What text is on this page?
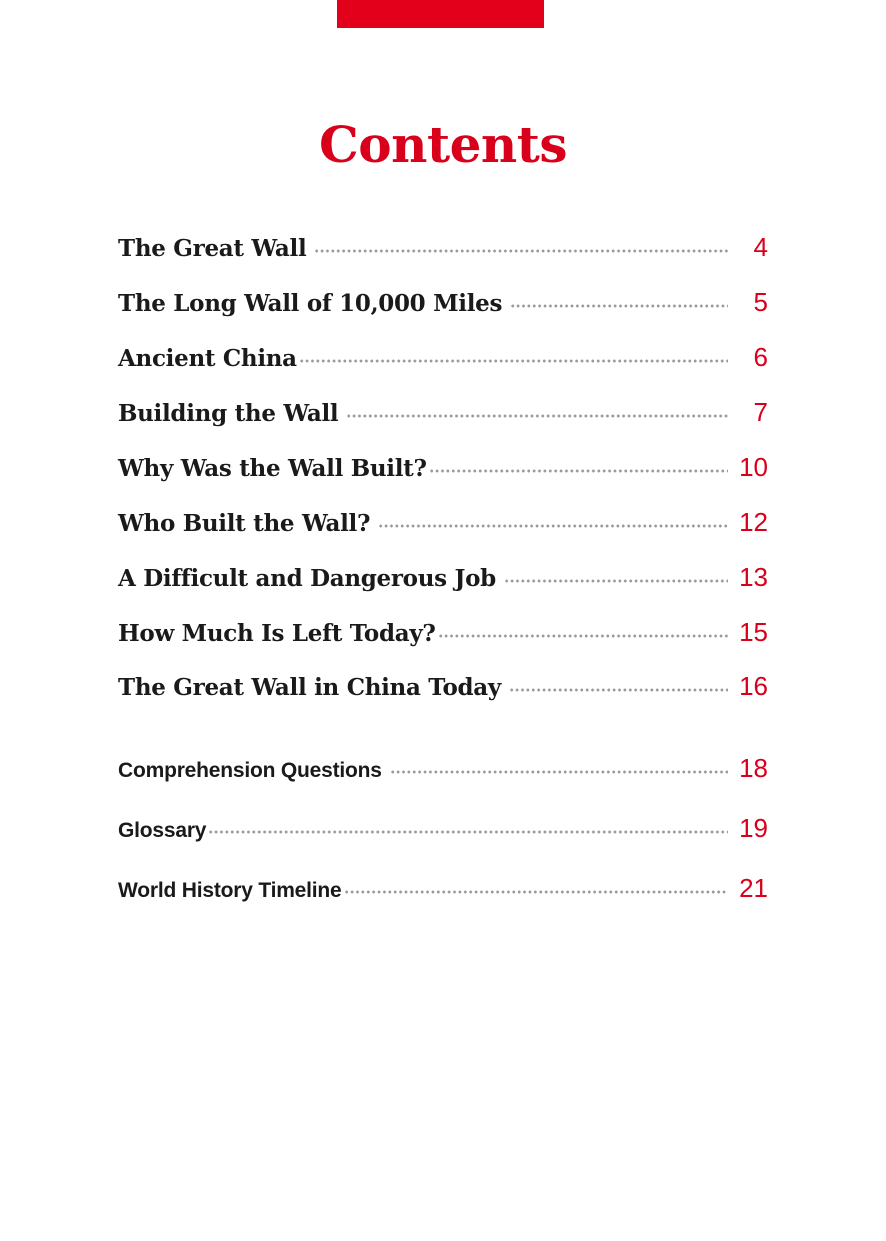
Contents
The Great Wall	4
The Long Wall of 10,000 Miles	5
Ancient China	6
Building the Wall	7
Why Was the Wall Built?	10
Who Built the Wall?	12
A Difficult and Dangerous Job	13
How Much Is Left Today?	15
The Great Wall in China Today	16
Comprehension Questions	18
Glossary	19
World History Timeline	21
